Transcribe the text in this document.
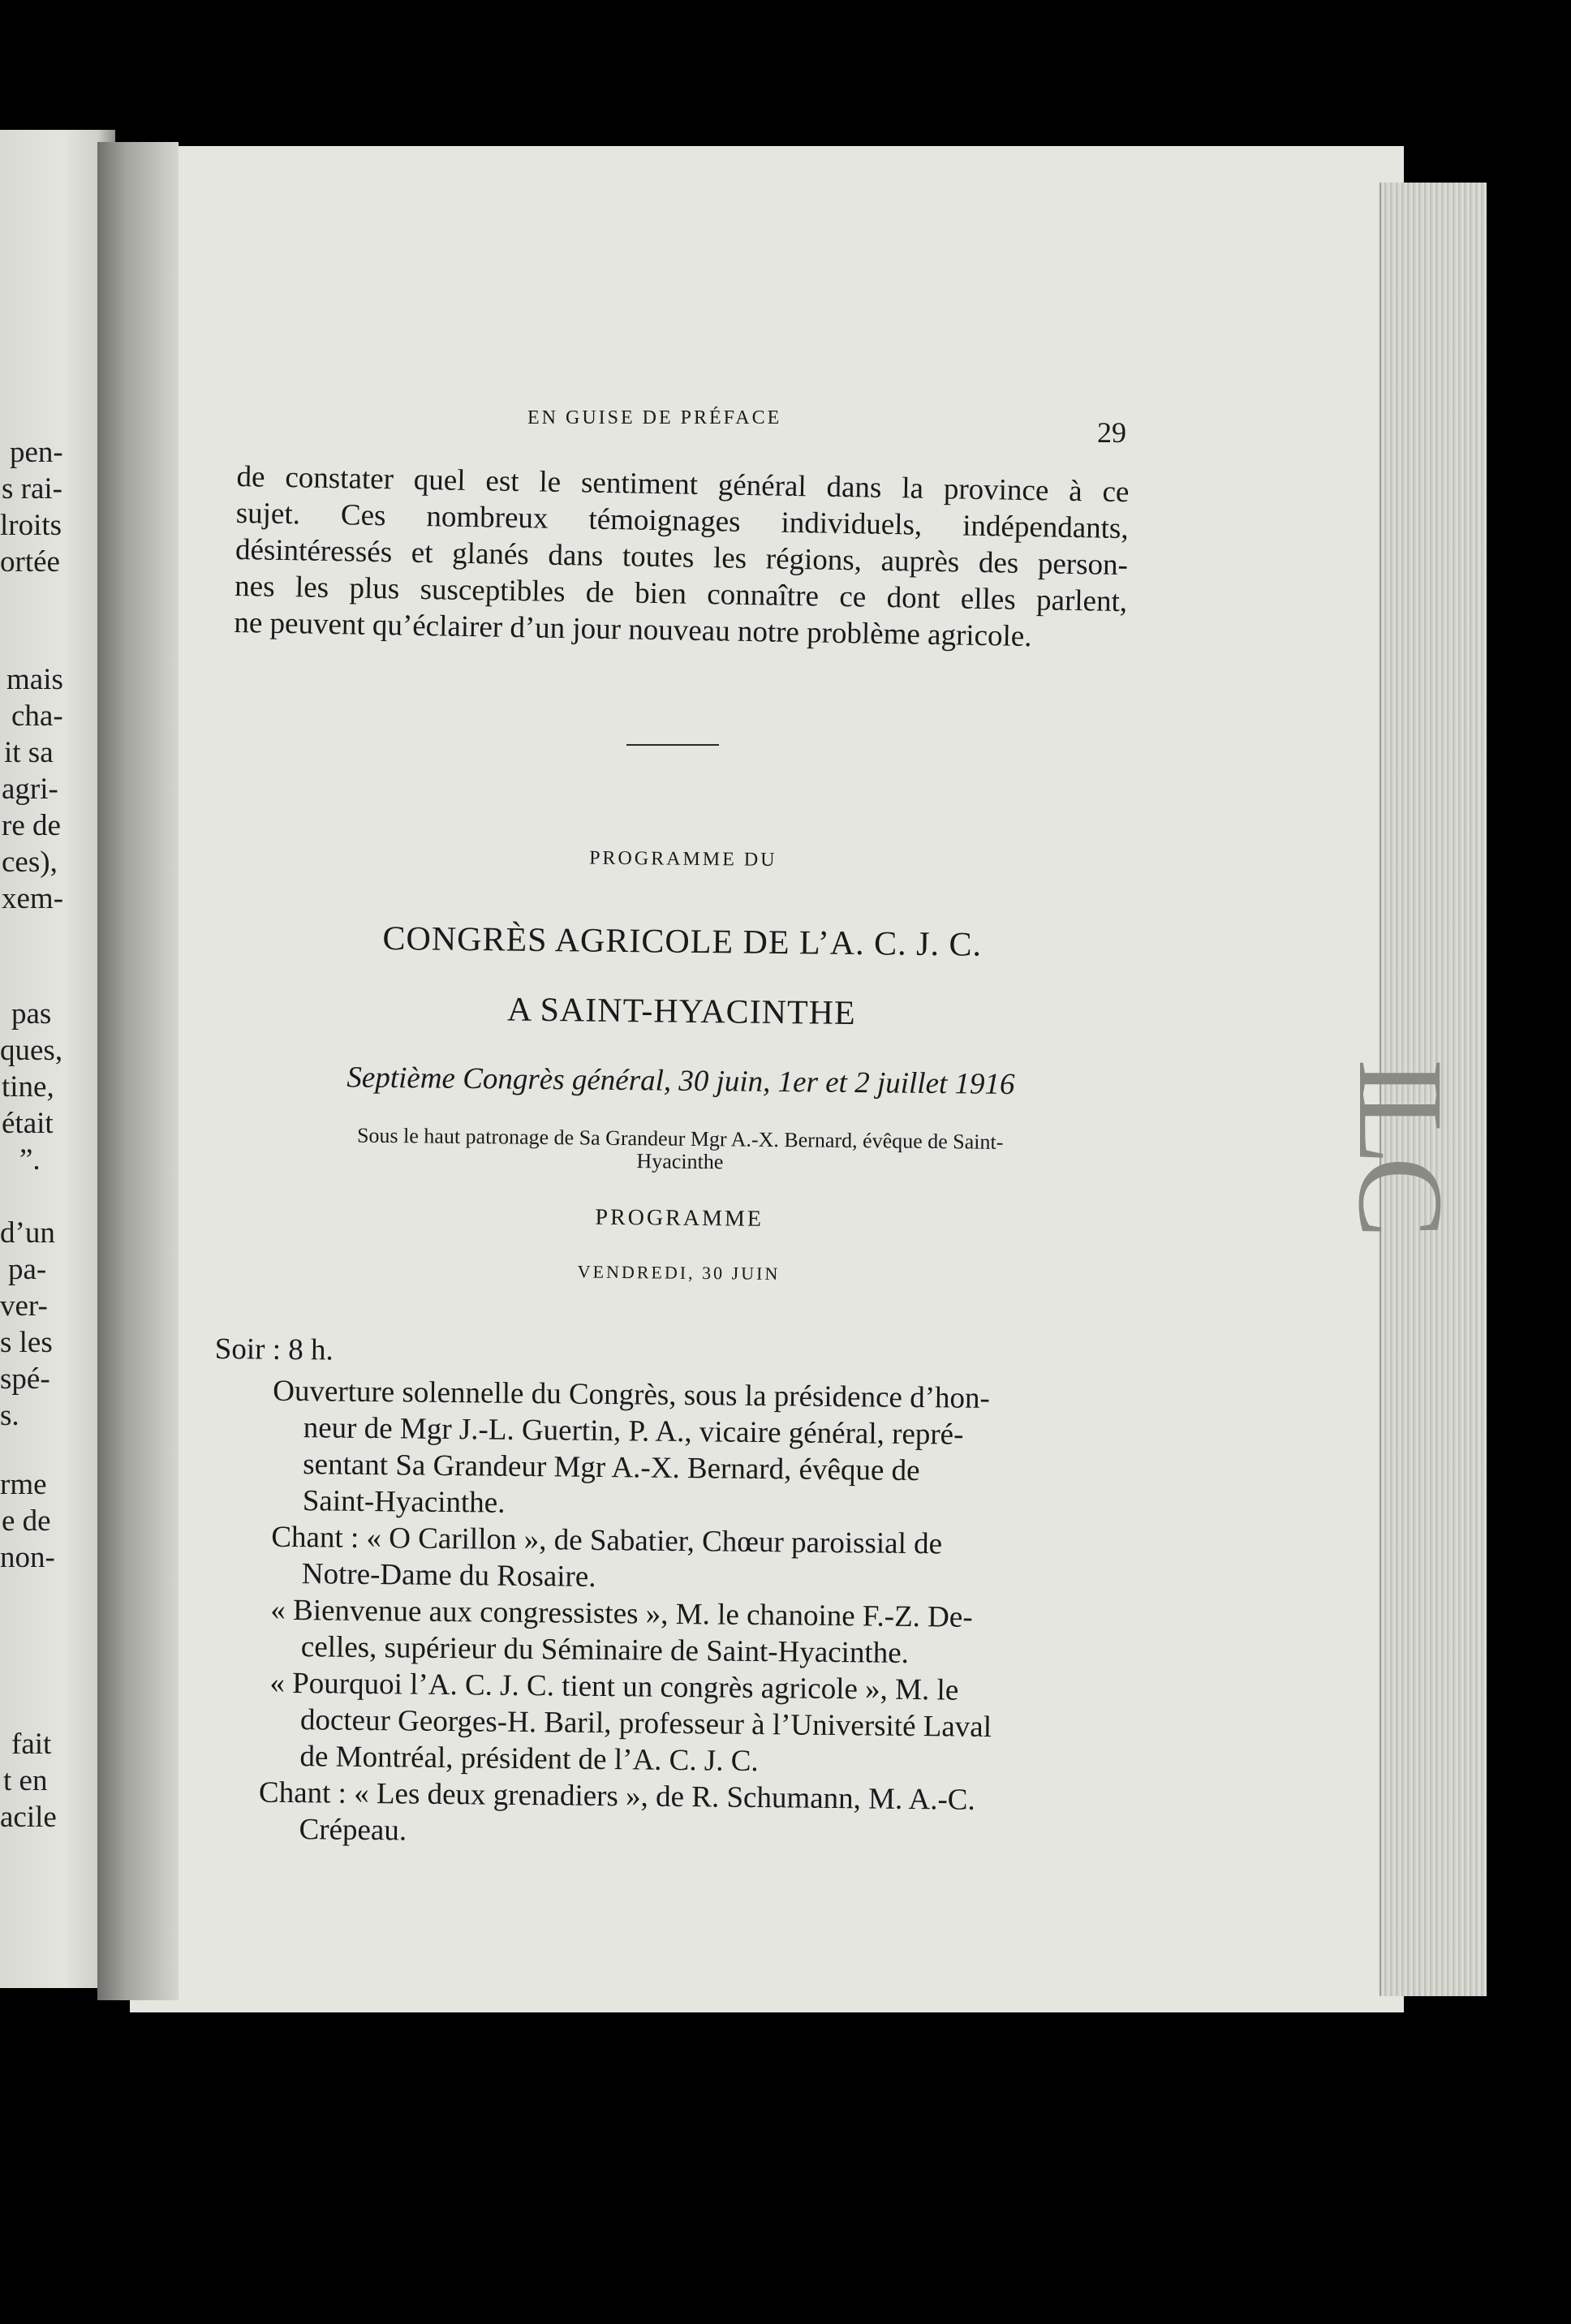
ILC
pen-
s rai-
lroits
ortée
mais
cha-
it sa
agri-
re de
ces),
xem-
pas
ques,
tine,
était
”.
d’un
pa-
ver-
s les
spé-
s.
rme
e de
non-
fait
t en
acile
EN GUISE DE PRÉFACE	29
de constater quel est le sentiment général dans la province à ce
sujet. Ces nombreux témoignages individuels, indépendants,
désintéressés et glanés dans toutes les régions, auprès des person-
nes les plus susceptibles de bien connaître ce dont elles parlent,
ne peuvent qu’éclairer d’un jour nouveau notre problème agricole.
PROGRAMME DU
CONGRÈS AGRICOLE DE L’A. C. J. C.
A SAINT-HYACINTHE
Septième Congrès général, 30 juin, 1er et 2 juillet 1916
Sous le haut patronage de Sa Grandeur Mgr A.-X. Bernard, évêque de Saint-
Hyacinthe
PROGRAMME
VENDREDI, 30 JUIN
Soir : 8 h.
Ouverture solennelle du Congrès, sous la présidence d’hon-
neur de Mgr J.-L. Guertin, P. A., vicaire général, repré-
sentant Sa Grandeur Mgr A.-X. Bernard, évêque de
Saint-Hyacinthe.
Chant : « O Carillon », de Sabatier, Chœur paroissial de
Notre-Dame du Rosaire.
« Bienvenue aux congressistes », M. le chanoine F.-Z. De-
celles, supérieur du Séminaire de Saint-Hyacinthe.
« Pourquoi l’A. C. J. C. tient un congrès agricole », M. le
docteur Georges-H. Baril, professeur à l’Université Laval
de Montréal, président de l’A. C. J. C.
Chant : « Les deux grenadiers », de R. Schumann, M. A.-C.
Crépeau.
